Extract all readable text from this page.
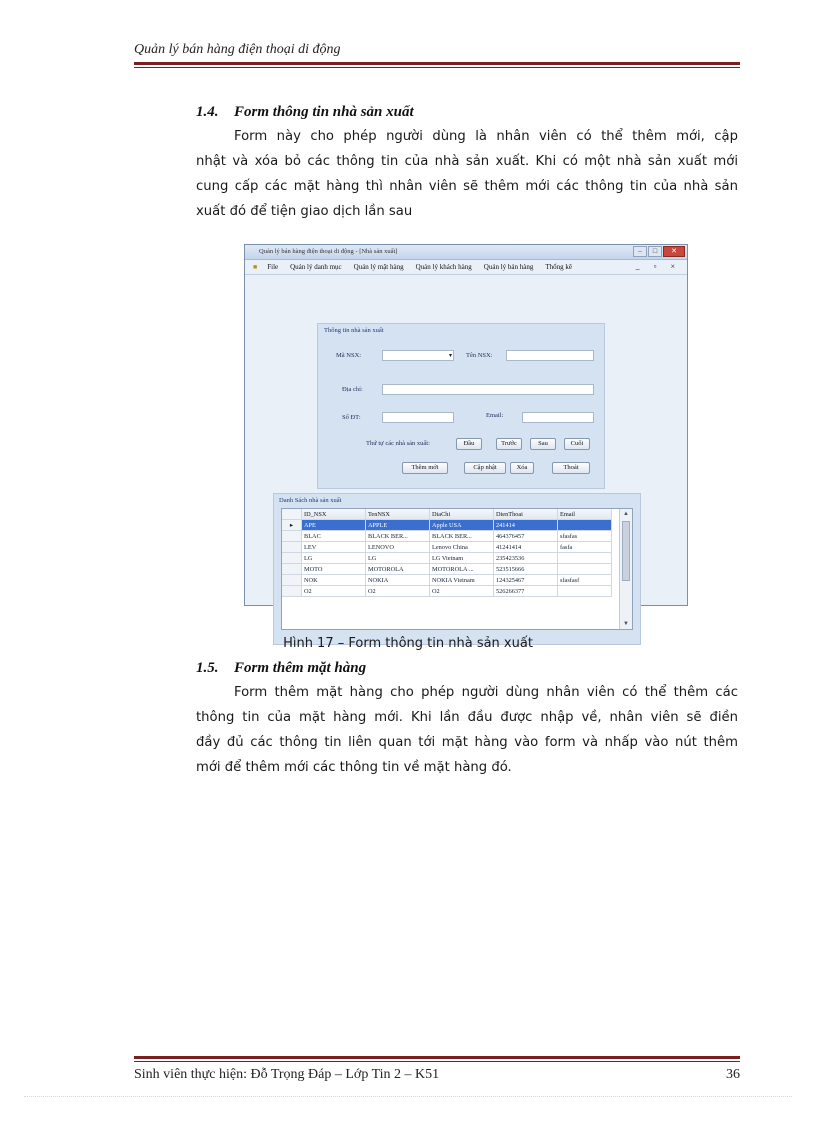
Quản lý bán hàng điện thoại di động
1.4. Form thông tin nhà sản xuất
Form này cho phép người dùng là nhân viên có thể thêm mới, cập
nhật và xóa bỏ các thông tin của nhà sản xuất. Khi có một nhà sản xuất mới
cung cấp các mặt hàng thì nhân viên sẽ thêm mới các thông tin của nhà sản
xuất đó để tiện giao dịch lần sau
Quản lý bán hàng điện thoại di động - [Nhà sản xuất]	–	□	✕
■	File	Quản lý danh mục	Quản lý mặt hàng	Quản lý khách hàng	Quản lý bán hàng	Thống kê	_ ▫ ×
Thông tin nhà sản xuất
Mã NSX:	▾ Tên NSX:
Địa chỉ:
Số ĐT:	Email:
Thứ tự các nhà sản xuất:	Đầu	Trước	Sau	Cuối
Thêm mới	Cập nhật	Xóa	Thoát
Danh Sách nhà sản xuất
ID_NSX	TenNSX	DiaChi	DienThoai	Email
▸	APE	APPLE	Apple USA	241414
BLAC	BLACK BER...	BLACK BER...	464376457	sfasfas
LEV	LENOVO	Lenovo China	41241414	fasfa
LG	LG	LG Vietnam	235423536
MOTO	MOTOROLA	MOTOROLA ...	523515666
NOK	NOKIA	NOKIA Vietnam	124325467	sfasfasf
O2	O2	O2	526266377
▲
▼
Hình 17 – Form thông tin nhà sản xuất
1.5. Form thêm mặt hàng
Form thêm mặt hàng cho phép người dùng nhân viên có thể thêm các
thông tin của mặt hàng mới. Khi lần đầu được nhập về, nhân viên sẽ điền
đầy đủ các thông tin liên quan tới mặt hàng vào form và nhấp vào nút thêm
mới để thêm mới các thông tin về mặt hàng đó.
Sinh viên thực hiện: Đỗ Trọng Đáp – Lớp Tin 2 – K51	36
